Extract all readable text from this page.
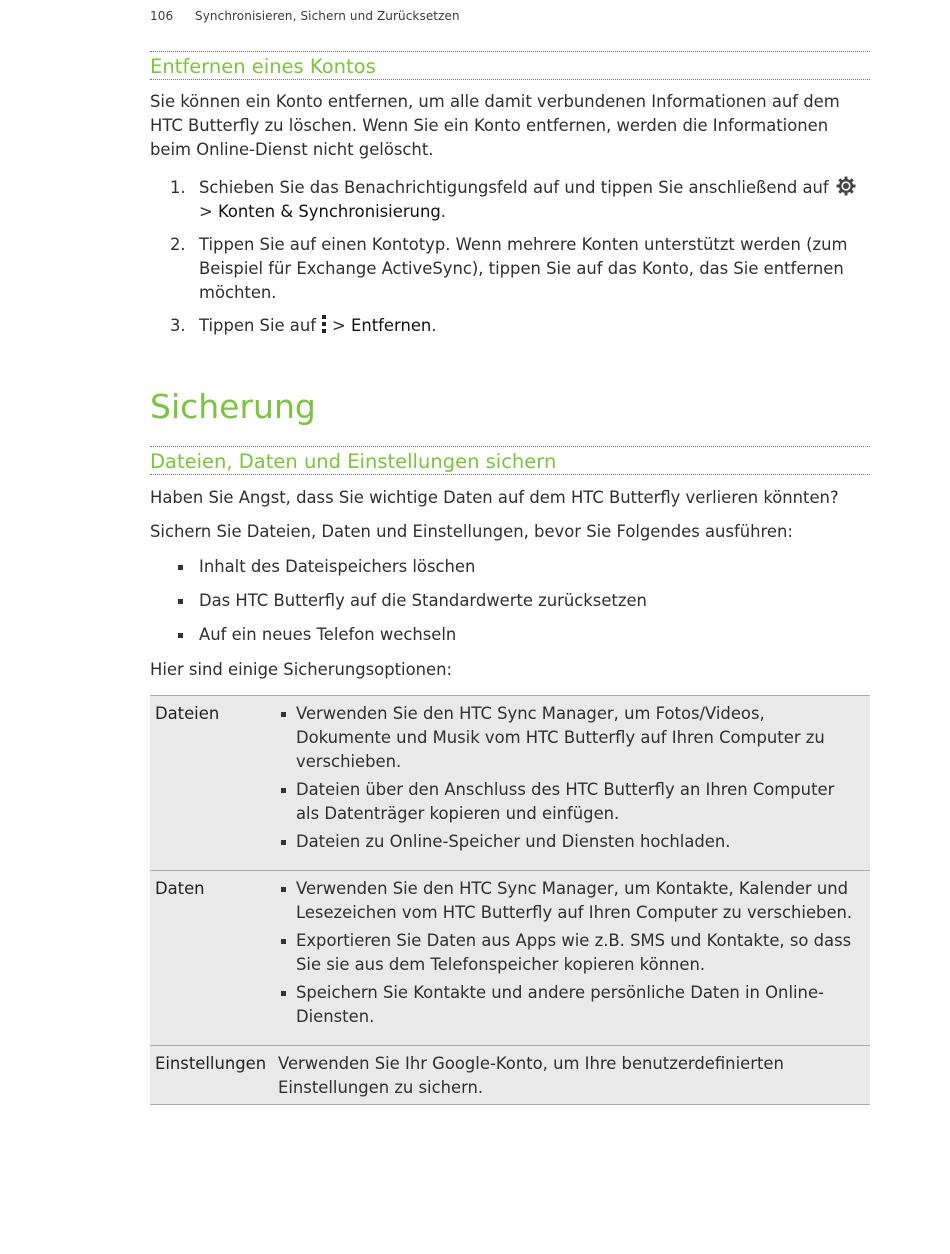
106 Synchronisieren, Sichern und Zurücksetzen
Entfernen eines Kontos
Sie können ein Konto entfernen, um alle damit verbundenen Informationen auf dem HTC Butterfly zu löschen. Wenn Sie ein Konto entfernen, werden die Informationen beim Online-Dienst nicht gelöscht.
1. Schieben Sie das Benachrichtigungsfeld auf und tippen Sie anschließend auf
> Konten & Synchronisierung.
2. Tippen Sie auf einen Kontotyp. Wenn mehrere Konten unterstützt werden (zum Beispiel für Exchange ActiveSync), tippen Sie auf das Konto, das Sie entfernen möchten.
3. Tippen Sie auf > Entfernen.
Sicherung
Dateien, Daten und Einstellungen sichern
Haben Sie Angst, dass Sie wichtige Daten auf dem HTC Butterfly verlieren könnten?
Sichern Sie Dateien, Daten und Einstellungen, bevor Sie Folgendes ausführen:
Inhalt des Dateispeichers löschen
Das HTC Butterfly auf die Standardwerte zurücksetzen
Auf ein neues Telefon wechseln
Hier sind einige Sicherungsoptionen:
Dateien	Verwenden Sie den HTC Sync Manager, um Fotos/Videos, Dokumente und Musik vom HTC Butterfly auf Ihren Computer zu verschieben.
Dateien über den Anschluss des HTC Butterfly an Ihren Computer als Datenträger kopieren und einfügen.
Dateien zu Online-Speicher und Diensten hochladen.

Daten	Verwenden Sie den HTC Sync Manager, um Kontakte, Kalender und Lesezeichen vom HTC Butterfly auf Ihren Computer zu verschieben.
Exportieren Sie Daten aus Apps wie z.B. SMS und Kontakte, so dass Sie sie aus dem Telefonspeicher kopieren können.
Speichern Sie Kontakte und andere persönliche Daten in Online-Diensten.

Einstellungen	Verwenden Sie Ihr Google-Konto, um Ihre benutzerdefinierten Einstellungen zu sichern.
